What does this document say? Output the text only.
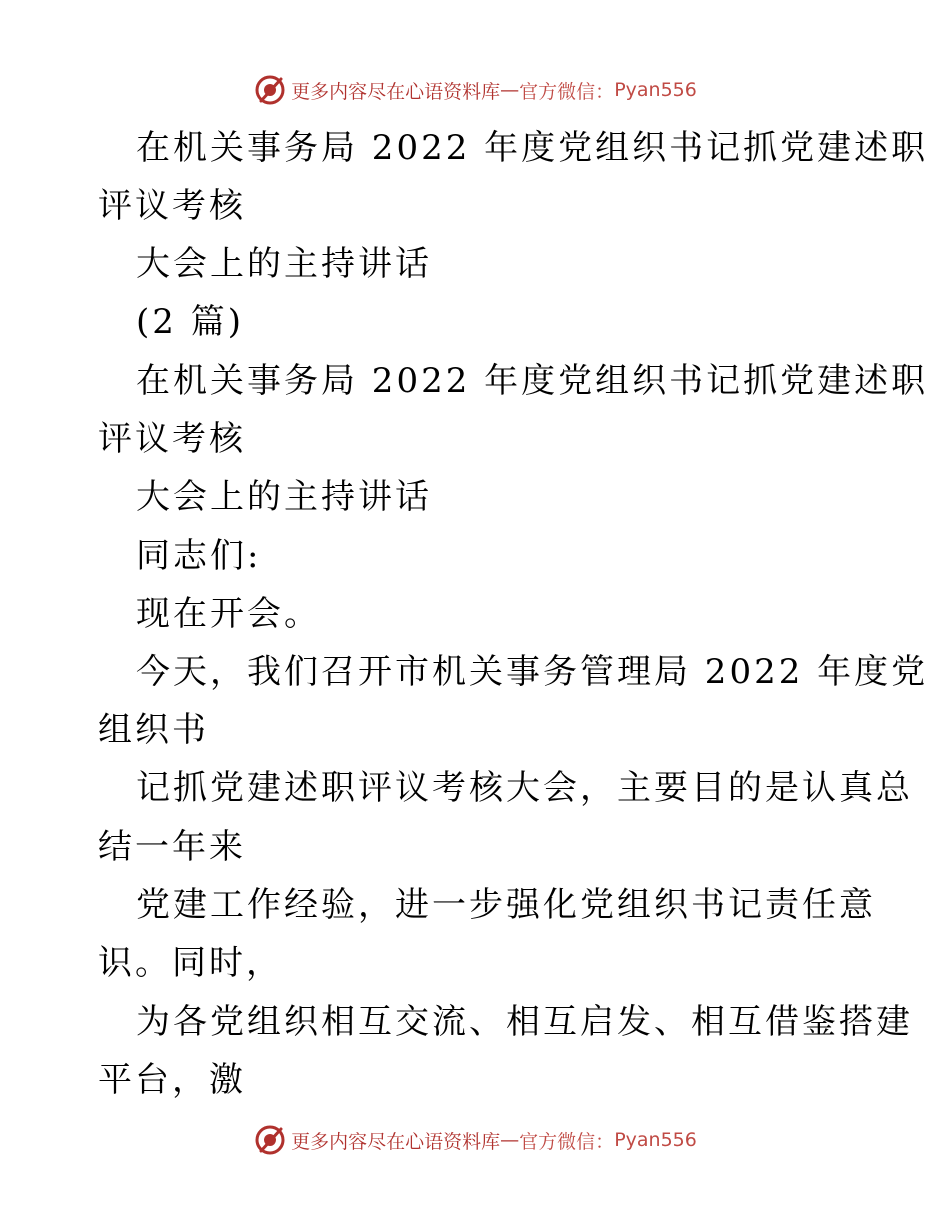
更多内容尽在心语资料库 — 官方微信： Pyan556
在机关事务局 2022 年度党组织书记抓党建述职
评议考核
大会上的主持讲话
(2 篇)
在机关事务局 2022 年度党组织书记抓党建述职
评议考核
大会上的主持讲话
同志们:
现在开会。
今天，我们召开市机关事务管理局 2022 年度党
组织书
记抓党建述职评议考核大会，主要目的是认真总
结一年来
党建工作经验，进一步强化党组织书记责任意
识。同时，
为各党组织相互交流、相互启发、相互借鉴搭建
平台，激
更多内容尽在心语资料库 — 官方微信： Pyan556
